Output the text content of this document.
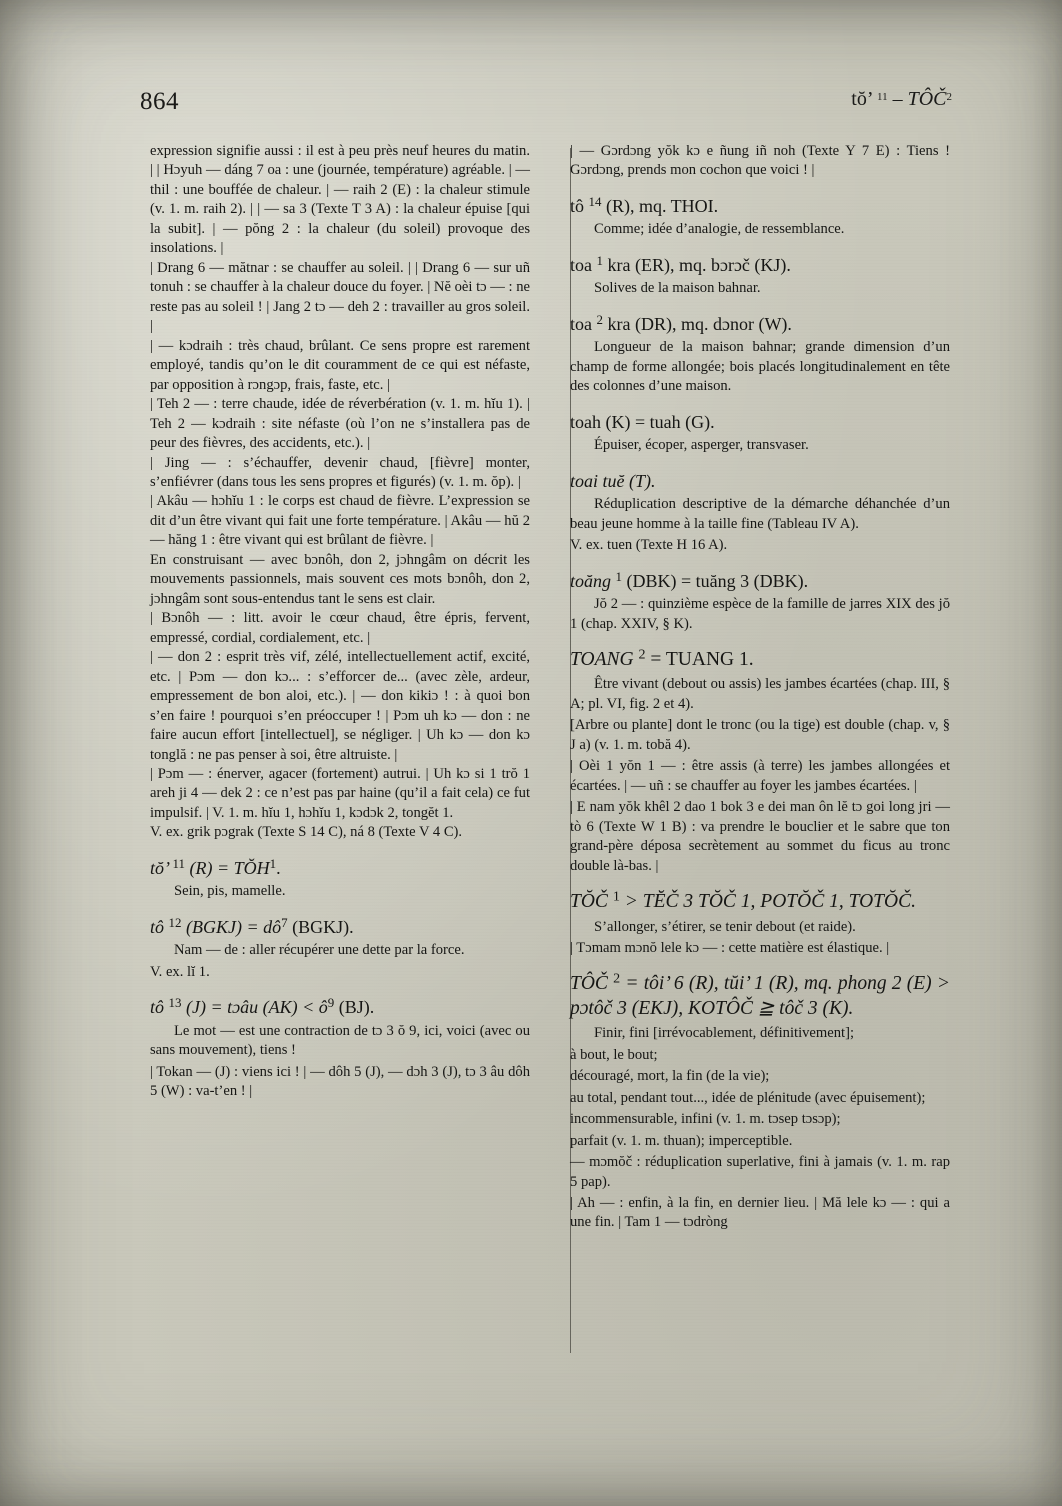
864	tŏ’ $^{11}$ – TÔČ$^2$

expression signifie aussi : il est à peu près neuf heures du matin. | | Hɔyuh — dáng 7 oa : une (journée, température) agréable. | — thil : une bouffée de chaleur. | — raih 2 (E) : la chaleur stimule (v. 1. m. raih 2). | | — sa 3 (Texte T 3 A) : la chaleur épuise [qui la subit]. | — pŏng 2 : la chaleur (du soleil) provoque des insolations. |

| Drang 6 — mătnar : se chauffer au soleil. | | Drang 6 — sur uñ tonuh : se chauffer à la chaleur douce du foyer. | Nĕ oèi tɔ — : ne reste pas au soleil ! | Jang 2 tɔ — deh 2 : travailler au gros soleil. |

| — kɔdraih : très chaud, brûlant. Ce sens propre est rarement employé, tandis qu’on le dit couramment de ce qui est néfaste, par opposition à rɔngɔp, frais, faste, etc. |

| Teh 2 — : terre chaude, idée de réverbération (v. 1. m. hĭu 1). | Teh 2 — kɔdraih : site néfaste (où l’on ne s’installera pas de peur des fièvres, des accidents, etc.). |

| Jing — : s’échauffer, devenir chaud, [fièvre] monter, s’enfiévrer (dans tous les sens propres et figurés) (v. 1. m. ŏp). |

| Akâu — hɔhĭu 1 : le corps est chaud de fièvre. L’expression se dit d’un être vivant qui fait une forte température. | Akâu — hŭ 2 — hăng 1 : être vivant qui est brûlant de fièvre. |

En construisant — avec bɔnôh, don 2, jɔhngâm on décrit les mouvements passionnels, mais souvent ces mots bɔnôh, don 2, jɔhngâm sont sous-entendus tant le sens est clair.

| Bɔnôh — : litt. avoir le cœur chaud, être épris, fervent, empressé, cordial, cordialement, etc. |

| — don 2 : esprit très vif, zélé, intellectuellement actif, excité, etc. | Pɔm — don kɔ... : s’efforcer de... (avec zèle, ardeur, empressement de bon aloi, etc.). | — don kikiɔ ! : à quoi bon s’en faire ! pourquoi s’en préoccuper ! | Pɔm uh kɔ — don : ne faire aucun effort [intellectuel], se négliger. | Uh kɔ — don kɔ tonglă : ne pas penser à soi, être altruiste. |

| Pɔm — : énerver, agacer (fortement) autrui. | Uh kɔ si 1 trŏ 1 areh ji 4 — dek 2 : ce n’est pas par haine (qu’il a fait cela) ce fut impulsif. | V. 1. m. hĭu 1, hɔhĭu 1, kɔdɔk 2, tongĕt 1.

V. ex. grik pɔgrak (Texte S 14 C), ná 8 (Texte V 4 C).

tŏ’ $^{11}$ $(R) = TŎH^1$.

Sein, pis, mamelle.

tô $^{12}$ (BGKJ) = $dô^7$ (BGKJ).

Nam — de : aller récupérer une dette par la force.

V. ex. lĭ 1.

tô $^{13}$ (J) = tɔâu $(AK) < ô^9$ (BJ).

Le mot — est une contraction de tɔ 3 ŏ 9, ici, voici (avec ou sans mouvement), tiens !

| Tokan — (J) : viens ici ! | — dôh 5 (J), — dɔh 3 (J), tɔ 3 âu dôh 5 (W) : va-t’en ! |

| — Gɔrdɔng yŏk kɔ e ñung iñ noh (Texte Y 7 E) : Tiens ! Gɔrdɔng, prends mon cochon que voici ! |

tô $^{14}$ (R), mq. THOI.

Comme; idée d’analogie, de ressemblance.

toa $^1$ kra (ER), mq. bɔrɔč (KJ).

Solives de la maison bahnar.

toa $^2$ kra (DR), mq. dɔnor (W).

Longueur de la maison bahnar; grande dimension d’un champ de forme allongée; bois placés longitudinalement en tête des colonnes d’une maison.

toah (K) = tuah (G).

Épuiser, écoper, asperger, transvaser.

toai tuĕ (T).

Réduplication descriptive de la démarche déhanchée d’un beau jeune homme à la taille fine (Tableau IV A).

V. ex. tuen (Texte H 16 A).

toăng $^1$ (DBK) = tuăng 3 (DBK).

Jŏ 2 — : quinzième espèce de la famille de jarres XIX des jŏ 1 (chap. XXIV, § K).

TOANG $^2$ = TUANG 1.

Être vivant (debout ou assis) les jambes écartées (chap. III, § A; pl. VI, fig. 2 et 4).

[Arbre ou plante] dont le tronc (ou la tige) est double (chap. v, § J a) (v. 1. m. tobă 4).

| Oèi 1 yŏn 1 — : être assis (à terre) les jambes allongées et écartées. | — uñ : se chauffer au foyer les jambes écartées. |

| E nam yŏk khêl 2 dao 1 bok 3 e dei man ôn lĕ tɔ goi long jri — tò 6 (Texte W 1 B) : va prendre le bouclier et le sabre que ton grand-père déposa secrètement au sommet du ficus au tronc double là-bas. |

TŎČ $^1$ > TĔČ 3 TŎČ 1, POTŎČ 1, TOTŎČ.

S’allonger, s’étirer, se tenir debout (et raide).

| Tɔmam mɔnŏ lele kɔ — : cette matière est élastique. |

TÔČ $^2$ = tôi’ 6 (R), tŭi’ 1 (R), mq. phong 2 (E) > pɔtôč 3 (EKJ), KOTÔČ ≧ tôč 3 (K).

Finir, fini [irrévocablement, définitivement];

à bout, le bout;

découragé, mort, la fin (de la vie);

au total, pendant tout..., idée de plénitude (avec épuisement);

incommensurable, infini (v. 1. m. tɔsep tɔsɔp);

parfait (v. 1. m. thuan); imperceptible.

— mɔmŏč : réduplication superlative, fini à jamais (v. 1. m. rap 5 pap).

| Ah — : enfin, à la fin, en dernier lieu. | Mă lele kɔ — : qui a une fin. | Tam 1 — tɔdròng
